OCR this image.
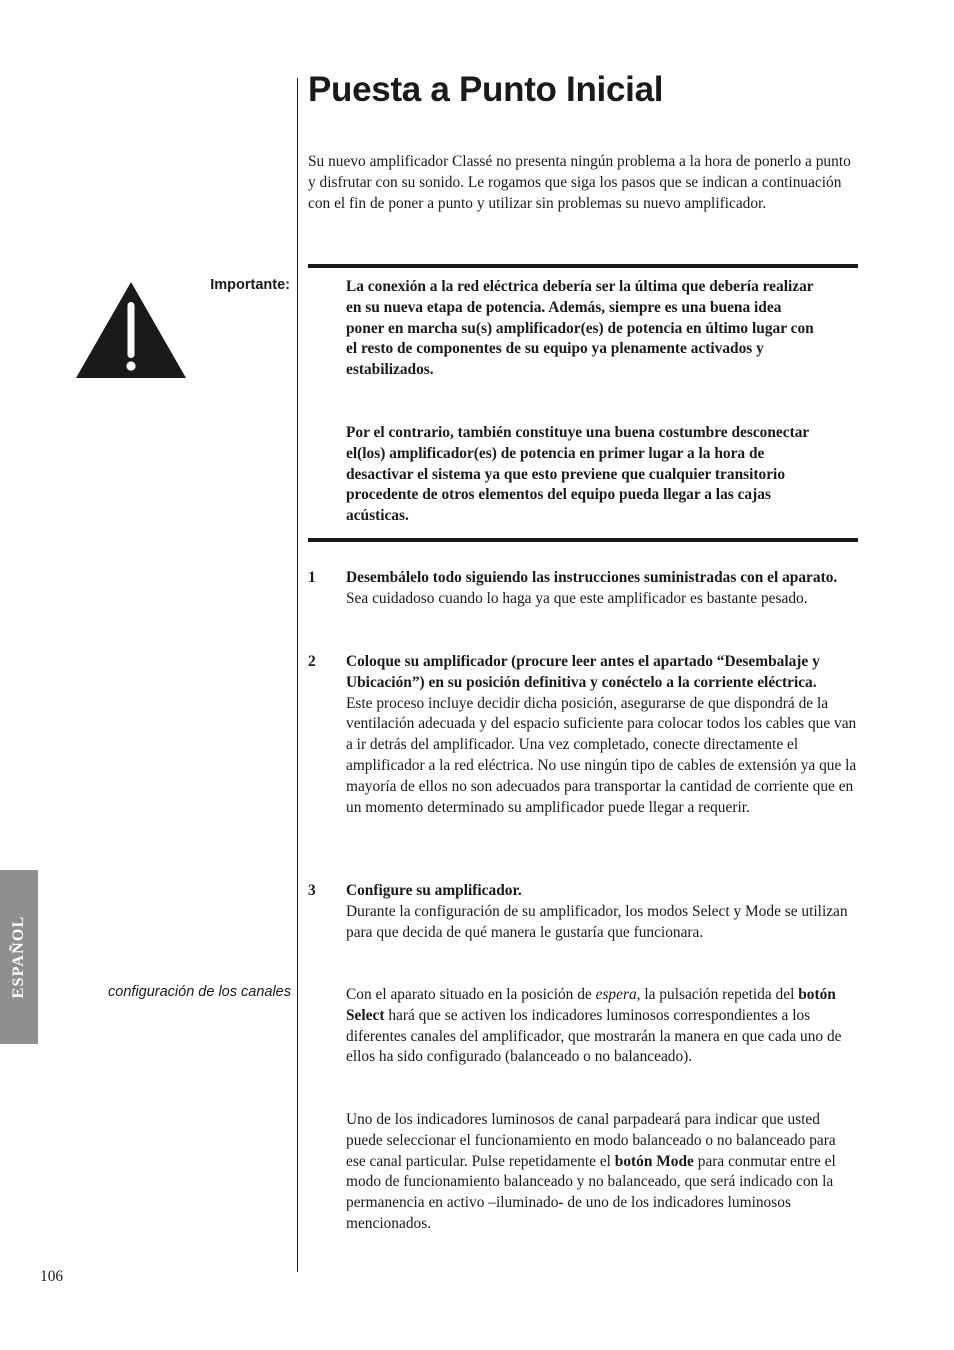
Puesta a Punto Inicial
Su nuevo amplificador Classé no presenta ningún problema a la hora de ponerlo a punto y disfrutar con su sonido. Le rogamos que siga los pasos que se indican a continuación con el fin de poner a punto y utilizar sin problemas su nuevo amplificador.
Importante:	La conexión a la red eléctrica debería ser la última que debería realizar en su nueva etapa de potencia. Además, siempre es una buena idea poner en marcha su(s) amplificador(es) de potencia en último lugar con el resto de componentes de su equipo ya plenamente activados y estabilizados.
Por el contrario, también constituye una buena costumbre desconectar el(los) amplificador(es) de potencia en primer lugar a la hora de desactivar el sistema ya que esto previene que cualquier transitorio procedente de otros elementos del equipo pueda llegar a las cajas acústicas.
1 Desembálelo todo siguiendo las instrucciones suministradas con el aparato.
Sea cuidadoso cuando lo haga ya que este amplificador es bastante pesado.
2 Coloque su amplificador (procure leer antes el apartado “Desembalaje y Ubicación”) en su posición definitiva y conéctelo a la corriente eléctrica.
Este proceso incluye decidir dicha posición, asegurarse de que dispondrá de la ventilación adecuada y del espacio suficiente para colocar todos los cables que van a ir detrás del amplificador. Una vez completado, conecte directamente el amplificador a la red eléctrica. No use ningún tipo de cables de extensión ya que la mayoría de ellos no son adecuados para transportar la cantidad de corriente que en un momento determinado su amplificador puede llegar a requerir.
3 Configure su amplificador.
Durante la configuración de su amplificador, los modos Select y Mode se utilizan para que decida de qué manera le gustaría que funcionara.
configuración de los canales	Con el aparato situado en la posición de espera, la pulsación repetida del botón Select hará que se activen los indicadores luminosos correspondientes a los diferentes canales del amplificador, que mostrarán la manera en que cada uno de ellos ha sido configurado (balanceado o no balanceado).
Uno de los indicadores luminosos de canal parpadeará para indicar que usted puede seleccionar el funcionamiento en modo balanceado o no balanceado para ese canal particular. Pulse repetidamente el botón Mode para conmutar entre el modo de funcionamiento balanceado y no balanceado, que será indicado con la permanencia en activo –iluminado- de uno de los indicadores luminosos mencionados.
ESPAÑOL
106
